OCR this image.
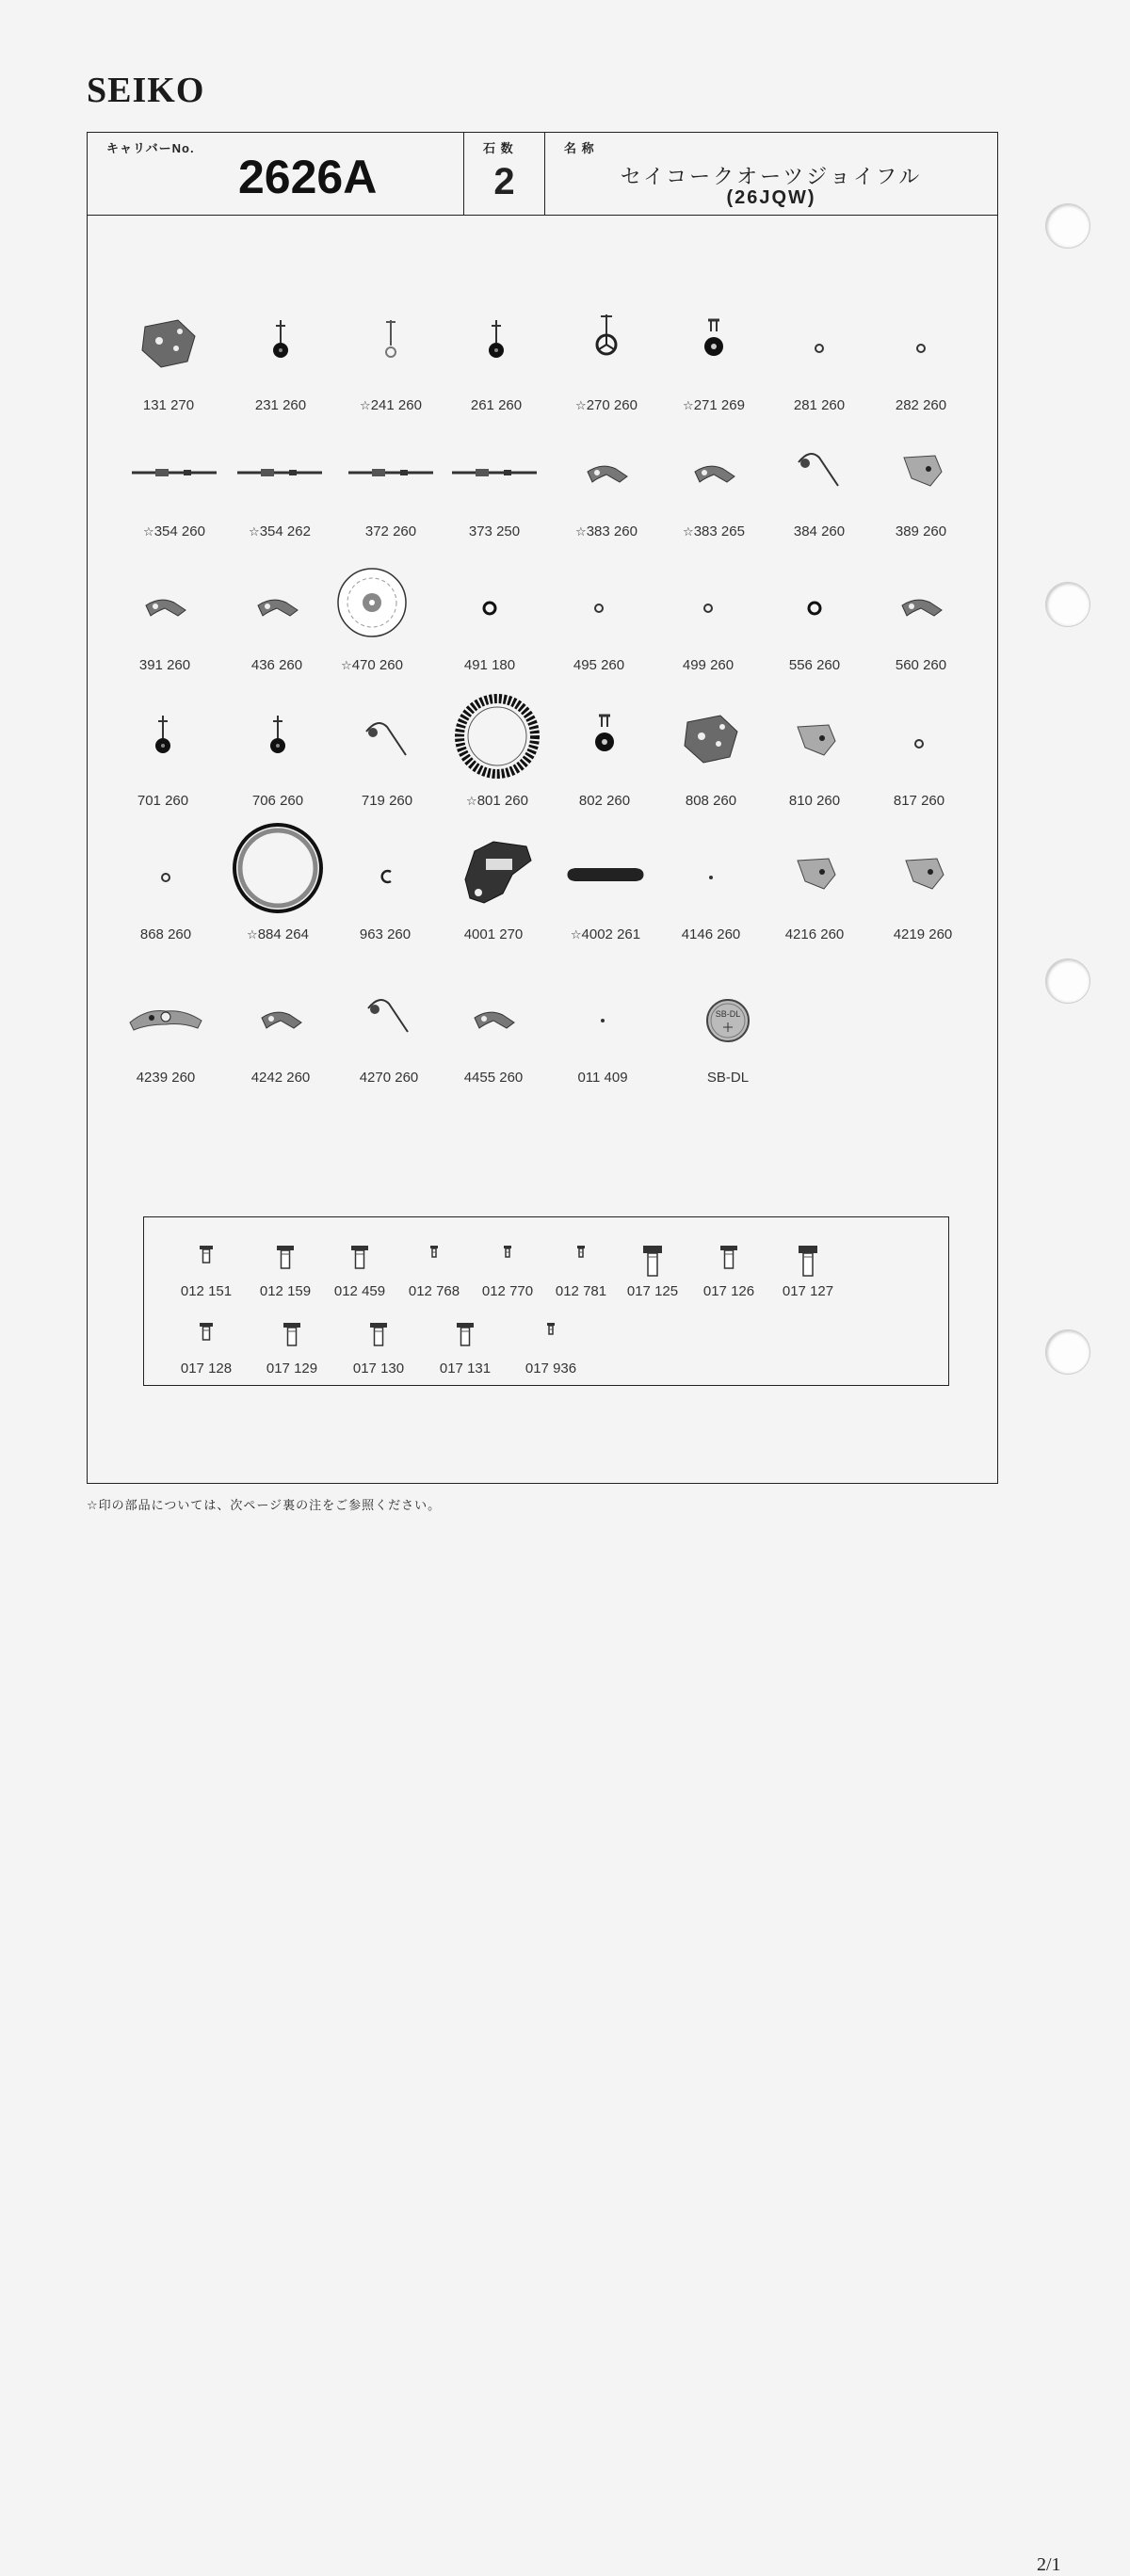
SEIKO
キャリバーNo.
2626A
石 数
2
名 称
セイコークオーツジョイフル
(26JQW)
131 270	231 260	☆241 260	261 260	☆270 260	☆271 269	281 260	282 260
☆354 260	☆354 262	372 260	373 250	☆383 260	☆383 265	384 260	389 260
391 260	436 260	☆470 260	491 180	495 260	499 260	556 260	560 260
701 260	706 260	719 260	☆801 260	802 260	808 260	810 260	817 260
868 260	☆884 264	963 260	4001 270	☆4002 261	4146 260	4216 260	4219 260
4239 260	4242 260	4270 260	4455 260	011 409
SB-DL
SB-DL
012 151	012 159	012 459	012 768	012 770	012 781	017 125	017 126	017 127
017 128	017 129	017 130	017 131	017 936
2/1
☆印の部品については、次ページ裏の注をご参照ください。
